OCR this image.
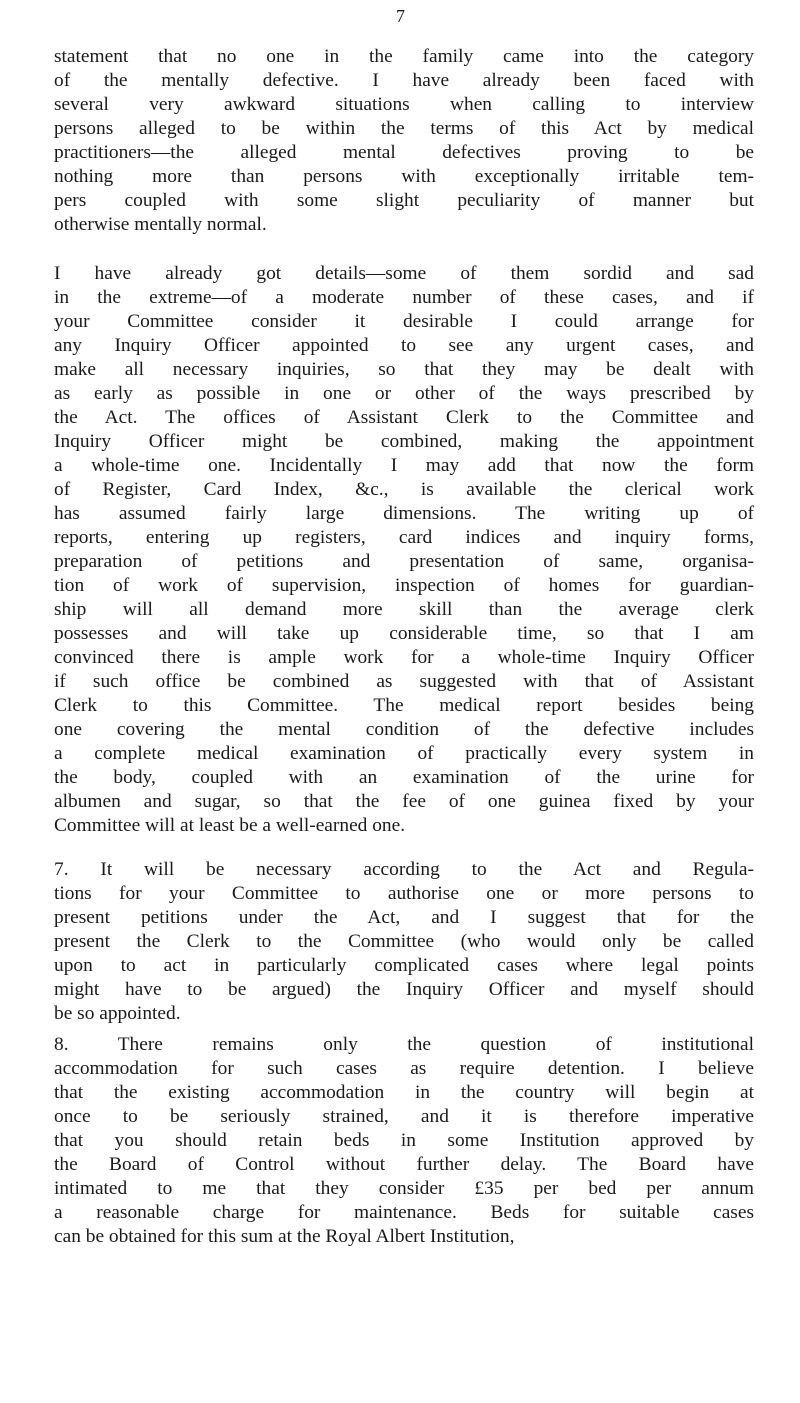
7
statement that no one in the family came into the category
of the mentally defective. I have already been faced with
several very awkward situations when calling to interview
persons alleged to be within the terms of this Act by medical
practitioners—the alleged mental defectives proving to be
nothing more than persons with exceptionally irritable tem-
pers coupled with some slight peculiarity of manner but
otherwise mentally normal.
I have already got details—some of them sordid and sad
in the extreme—of a moderate number of these cases, and if
your Committee consider it desirable I could arrange for
any Inquiry Officer appointed to see any urgent cases, and
make all necessary inquiries, so that they may be dealt with
as early as possible in one or other of the ways prescribed by
the Act. The offices of Assistant Clerk to the Committee and
Inquiry Officer might be combined, making the appointment
a whole-time one. Incidentally I may add that now the form
of Register, Card Index, &c., is available the clerical work
has assumed fairly large dimensions. The writing up of
reports, entering up registers, card indices and inquiry forms,
preparation of petitions and presentation of same, organisa-
tion of work of supervision, inspection of homes for guardian-
ship will all demand more skill than the average clerk
possesses and will take up considerable time, so that I am
convinced there is ample work for a whole-time Inquiry Officer
if such office be combined as suggested with that of Assistant
Clerk to this Committee. The medical report besides being
one covering the mental condition of the defective includes
a complete medical examination of practically every system in
the body, coupled with an examination of the urine for
albumen and sugar, so that the fee of one guinea fixed by your
Committee will at least be a well-earned one.
7. It will be necessary according to the Act and Regula-
tions for your Committee to authorise one or more persons to
present petitions under the Act, and I suggest that for the
present the Clerk to the Committee (who would only be called
upon to act in particularly complicated cases where legal points
might have to be argued) the Inquiry Officer and myself should
be so appointed.
8. There remains only the question of institutional
accommodation for such cases as require detention. I believe
that the existing accommodation in the country will begin at
once to be seriously strained, and it is therefore imperative
that you should retain beds in some Institution approved by
the Board of Control without further delay. The Board have
intimated to me that they consider £35 per bed per annum
a reasonable charge for maintenance. Beds for suitable cases
can be obtained for this sum at the Royal Albert Institution,
